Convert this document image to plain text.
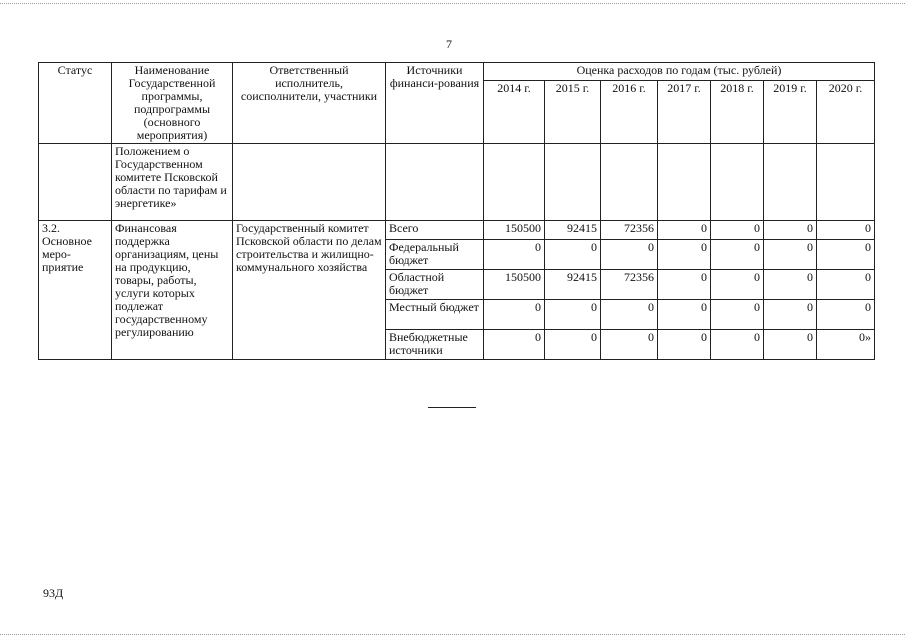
7
Статус	Наименование Государственной программы, подпрограммы (основного мероприятия)	Ответственный исполнитель, соисполнители, участники	Источники финанси-рования	Оценка расходов по годам (тыс. рублей)						
				2014 г.	2015 г.	2016 г.	2017 г.	2018 г.	2019 г.	2020 г.
	Положением о Государственном комитете Псковской области по тарифам и энергетике»									
3.2. Основное меро-приятие	Финансовая поддержка организациям, цены на продукцию, товары, работы, услуги которых подлежат государственному регулированию	Государственный комитет Псковской области по делам строительства и жилищно-коммунального хозяйства	Всего	150500	92415	72356	0	0	0	0
			Федеральный бюджет	0	0	0	0	0	0	0
			Областной бюджет	150500	92415	72356	0	0	0	0
			Местный бюджет	0	0	0	0	0	0	0
			Внебюджетные источники	0	0	0	0	0	0	0»
93Д
